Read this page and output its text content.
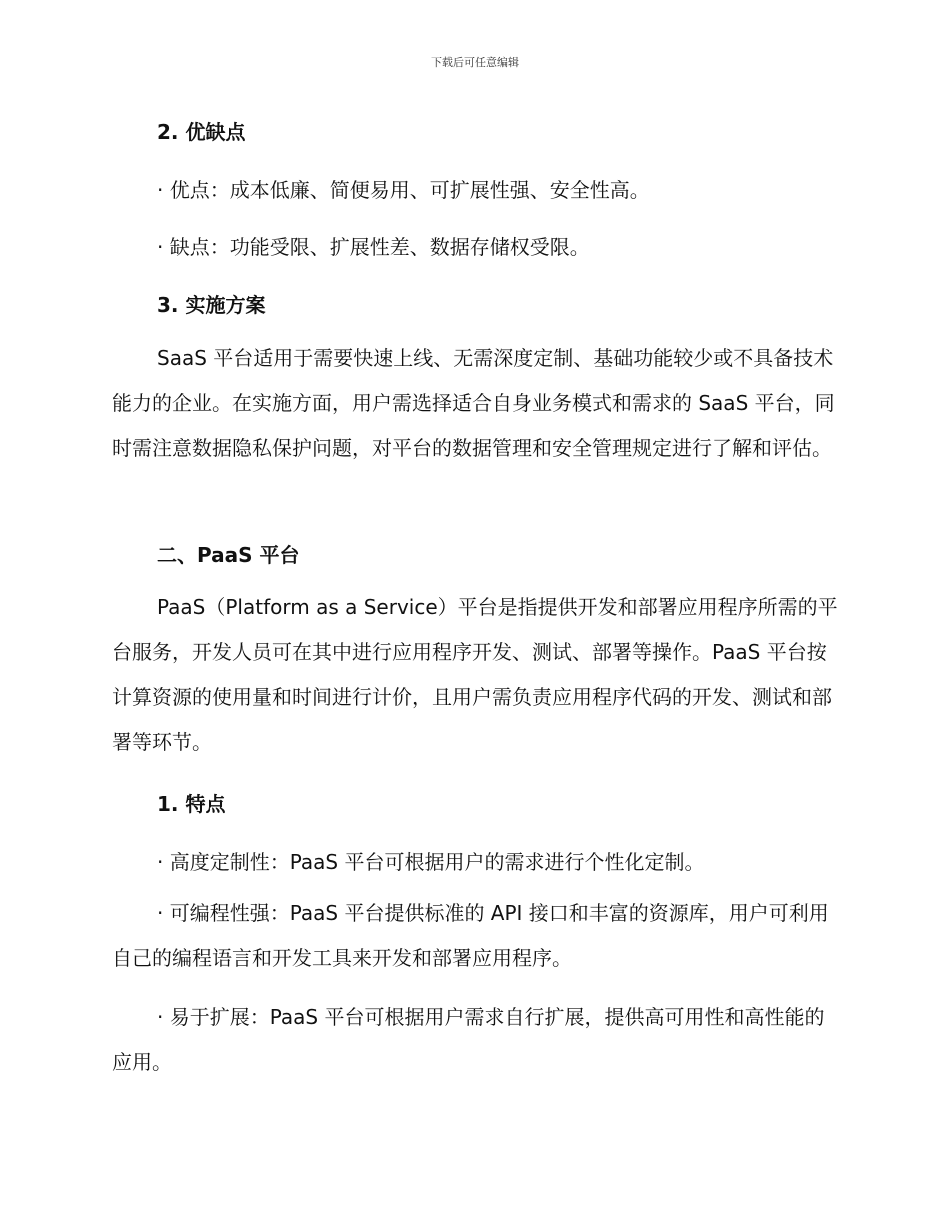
下载后可任意编辑
2. 优缺点
· 优点：成本低廉、简便易用、可扩展性强、安全性高。
· 缺点：功能受限、扩展性差、数据存储权受限。
3. 实施方案
SaaS 平台适用于需要快速上线、无需深度定制、基础功能较少或不具备技术能力的企业。在实施方面，用户需选择适合自身业务模式和需求的 SaaS 平台，同时需注意数据隐私保护问题，对平台的数据管理和安全管理规定进行了解和评估。
二、PaaS 平台
PaaS（Platform as a Service）平台是指提供开发和部署应用程序所需的平台服务，开发人员可在其中进行应用程序开发、测试、部署等操作。PaaS 平台按计算资源的使用量和时间进行计价，且用户需负责应用程序代码的开发、测试和部署等环节。
1. 特点
· 高度定制性：PaaS 平台可根据用户的需求进行个性化定制。
· 可编程性强：PaaS 平台提供标准的 API 接口和丰富的资源库，用户可利用自己的编程语言和开发工具来开发和部署应用程序。
· 易于扩展：PaaS 平台可根据用户需求自行扩展，提供高可用性和高性能的应用。
